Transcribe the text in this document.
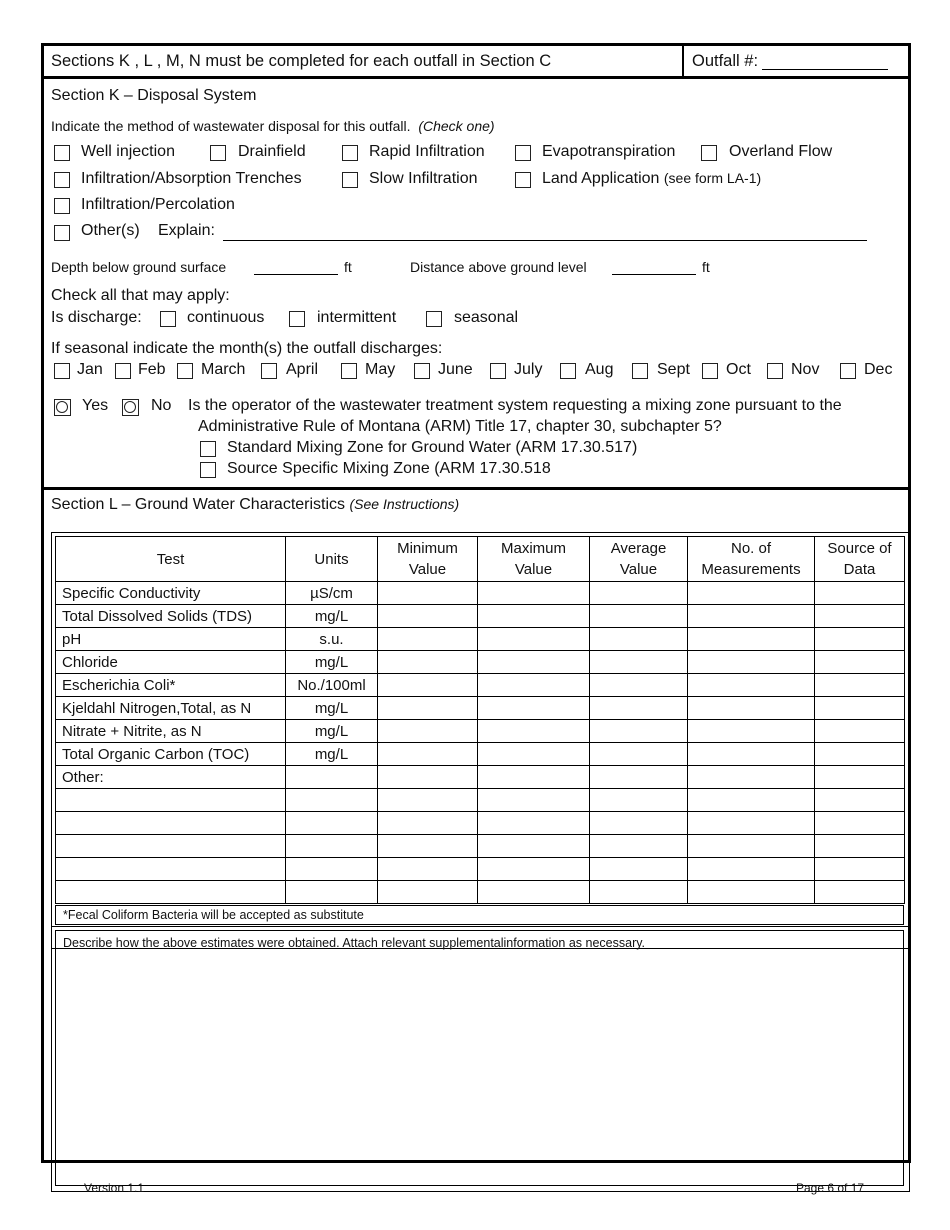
Sections K , L , M, N must be completed for each outfall in Section C	Outfall #:
Section K – Disposal System
Indicate the method of wastewater disposal for this outfall. (Check one)
Well injection	Drainfield	Rapid Infiltration	Evapotranspiration	Overland Flow
Infiltration/Absorption Trenches	Slow Infiltration	Land Application (see form LA-1)
Infiltration/Percolation
Other(s) Explain:
Depth below ground surface	ft	Distance above ground level	ft
Check all that may apply:
Is discharge:	continuous	intermittent	seasonal
If seasonal indicate the month(s) the outfall discharges:
Jan Feb March	April	May	June	July	Aug	Sept Oct	Nov	Dec
Yes	No Is the operator of the wastewater treatment system requesting a mixing zone pursuant to the
Administrative Rule of Montana (ARM) Title 17, chapter 30, subchapter 5?
Standard Mixing Zone for Ground Water (ARM 17.30.517)
Source Specific Mixing Zone (ARM 17.30.518
Section L – Ground Water Characteristics (See Instructions)
Test	Units	Minimum Value	Maximum Value	Average Value	No. of Measurements	Source of Data
Specific Conductivity	µS/cm					
Total Dissolved Solids (TDS)	mg/L					
pH	s.u.					
Chloride	mg/L					
Escherichia Coli*	No./100ml					
Kjeldahl Nitrogen,Total, as N	mg/L					
Nitrate + Nitrite, as N	mg/L					
Total Organic Carbon (TOC)	mg/L					
Other:						

*Fecal Coliform Bacteria will be accepted as substitute
Describe how the above estimates were obtained. Attach relevant supplementalinformation as necessary.
Version 1.1	Page 6 of 17
